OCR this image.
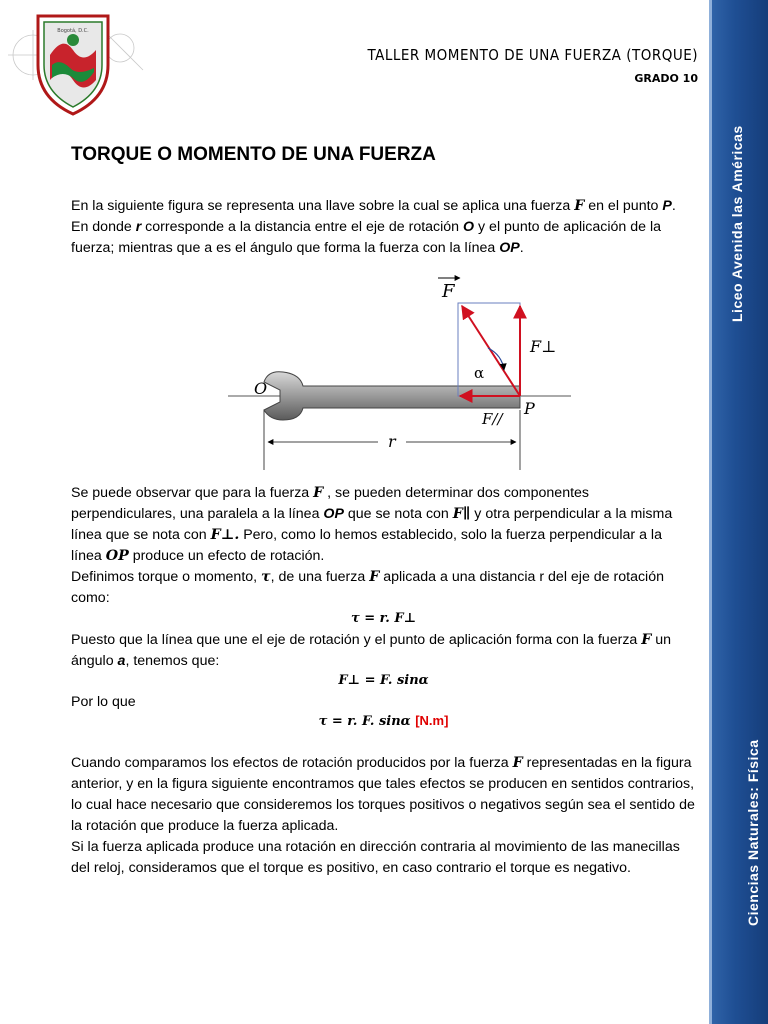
Liceo Avenida las Américas
Ciencias Naturales: Física
Bogotá, D.C.
TALLER MOMENTO DE UNA FUERZA (TORQUE)
GRADO 10
TORQUE O MOMENTO DE UNA FUERZA
En la siguiente figura se representa una llave sobre la cual se aplica una fuerza F en el punto P. En donde r corresponde a la distancia entre el eje de rotación O y el punto de aplicación de la fuerza; mientras que a es el ángulo que forma la fuerza con la línea OP.
F
F⊥
α
O
P
F//
r
Se puede observar que para la fuerza F , se pueden determinar dos componentes perpendiculares, una paralela a la línea OP que se nota con F∥ y otra perpendicular a la misma línea que se nota con F⊥. Pero, como lo hemos establecido, solo la fuerza perpendicular a la línea OP produce un efecto de rotación.
Definimos torque o momento, τ, de una fuerza F aplicada a una distancia r del eje de rotación como:
τ = r. F⊥
Puesto que la línea que une el eje de rotación y el punto de aplicación forma con la fuerza F un ángulo a, tenemos que:
F⊥ = F. sinα
Por lo que
τ = r. F. sinα [N.m]
Cuando comparamos los efectos de rotación producidos por la fuerza F representadas en la figura anterior, y en la figura siguiente encontramos que tales efectos se producen en sentidos contrarios, lo cual hace necesario que consideremos los torques positivos o negativos según sea el sentido de la rotación que produce la fuerza aplicada.
Si la fuerza aplicada produce una rotación en dirección contraria al movimiento de las manecillas del reloj, consideramos que el torque es positivo, en caso contrario el torque es negativo.
